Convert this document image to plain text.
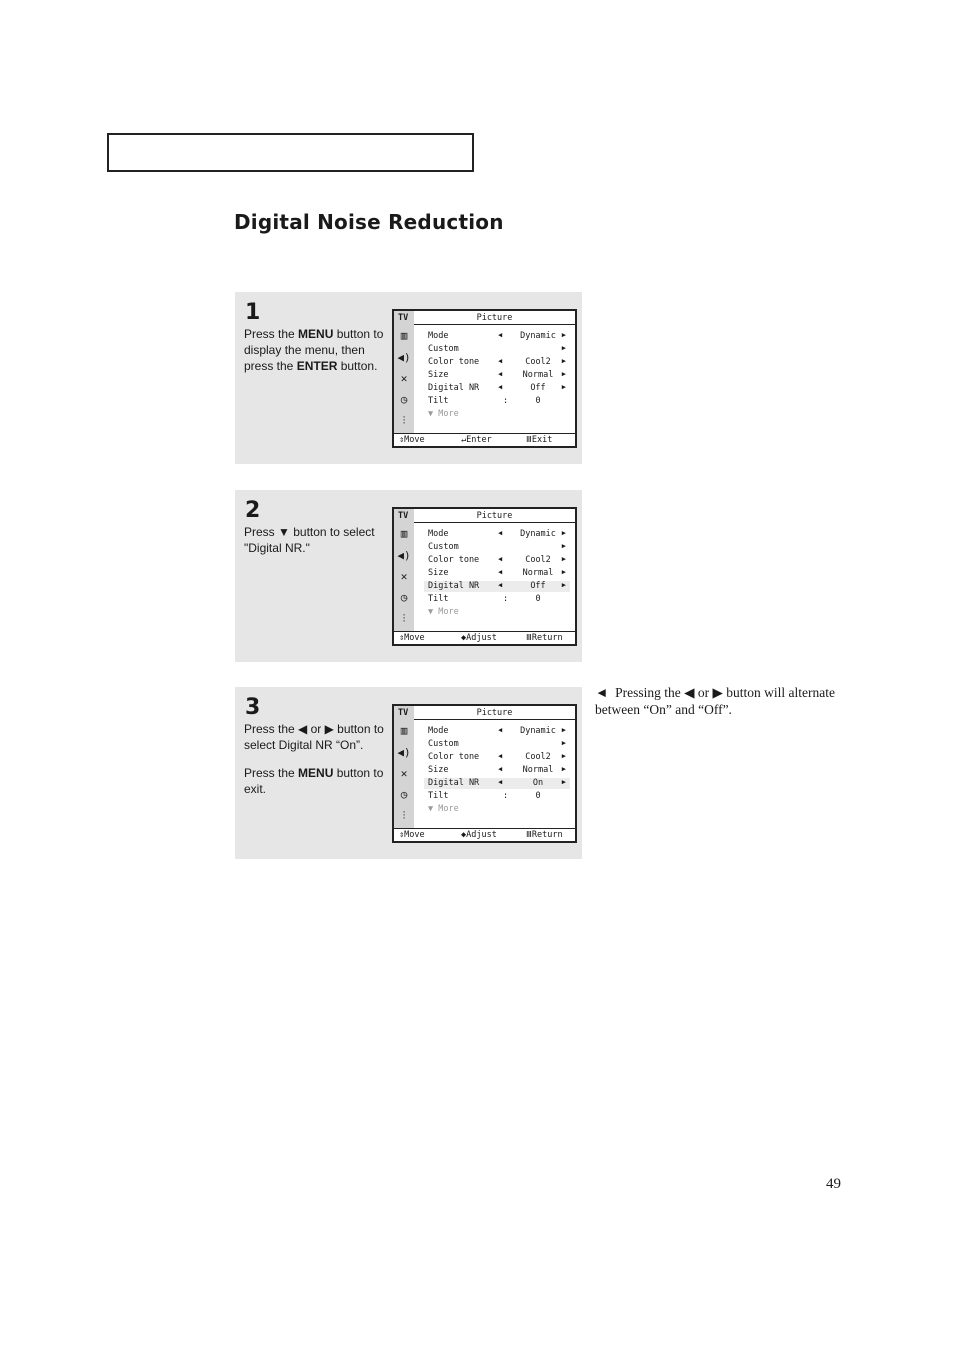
Digital Noise Reduction
1
Press the MENU button to display the menu, then press the ENTER button.
TV	Picture
▥
◀)
✕
◷
⫶
Mode	◀	Dynamic ▶
Custom	▶
Color tone	◀	Cool2	▶
Size	◀	Normal	▶
Digital NR	◀	Off	▶
Tilt	:	0
▼ More
⇕Move	↵Enter	ⅢExit
2
Press ▼ button to select "Digital NR."
TV	Picture
▥
◀)
✕
◷
⫶
Mode	◀	Dynamic ▶
Custom	▶
Color tone	◀	Cool2	▶
Size	◀	Normal	▶
Digital NR	◀	Off	▶
Tilt	:	0
▼ More
⇕Move	◆Adjust	ⅢReturn
3
Press the ◀ or ▶ button to select Digital NR “On”.
Press the MENU button to exit.
TV	Picture
▥
◀)
✕
◷
⫶
Mode	◀	Dynamic ▶
Custom	▶
Color tone	◀	Cool2	▶
Size	◀	Normal	▶
Digital NR	◀	On	▶
Tilt	:	0
▼ More
⇕Move	◆Adjust	ⅢReturn
◄ Pressing the ◀ or ▶ button will alternate between “On” and “Off”.
49
